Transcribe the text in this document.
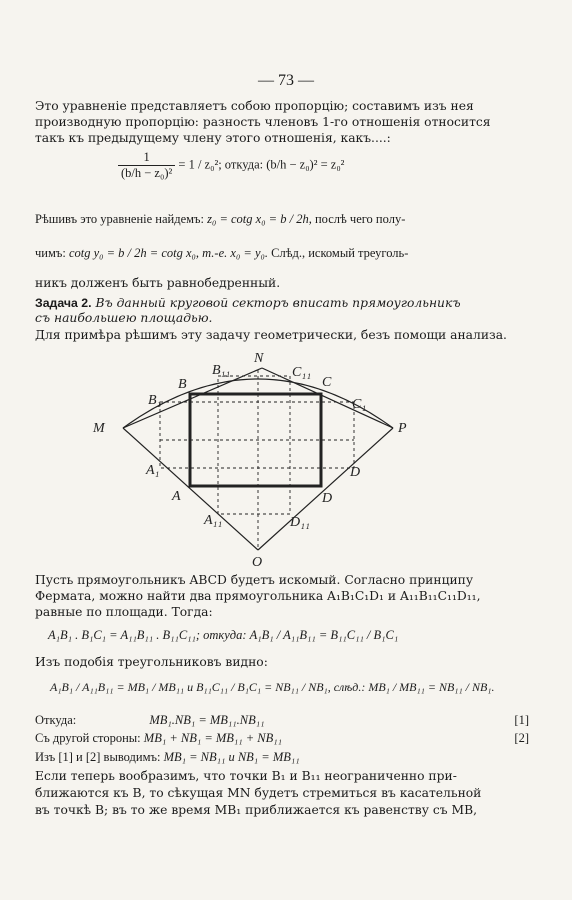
— 73 —
Это уравненіе представляетъ собою пропорцію; составимъ изъ нея
производную пропорцію: разность членовъ 1-го отношенія относится
такъ къ предыдущему члену этого отношенія, какъ....:
$\frac{1}{\text{(b/h − z₀)²}} = 1 / z_0^2$; откуда: (b/h − z₀)² = z₀²
Рѣшивъ это уравненіе найдемъ: z₀ = cotg x₀ = b / 2h, послѣ чего полу-
чимъ: cotg y₀ = b / 2h = cotg x₀, т.-е. x₀ = y₀. Слѣд., искомый треуголь-
никъ долженъ быть равнобедренный.
Задача 2. Въ данный круговой секторъ вписать прямоугольникъ
съ наибольшею площадью.
Для примѣра рѣшимъ эту задачу геометрически, безъ помощи анализа.
N
B
B₁₁	C₁₁
C
B₁	C₁
M	P
A₁
A
D
D
A₁₁	D₁₁
O
Пусть прямоугольникъ ABCD будетъ искомый. Согласно принципу
Фермата, можно найти два прямоугольника A₁B₁C₁D₁ и A₁₁B₁₁C₁₁D₁₁,
равные по площади. Тогда:
A₁B₁ . B₁C₁ = A₁₁B₁₁ . B₁₁C₁₁; откуда: A₁B₁ / A₁₁B₁₁ = B₁₁C₁₁ / B₁C₁
Изъ подобія треугольниковъ видно:
A₁B₁ / A₁₁B₁₁ = MB₁ / MB₁₁ и B₁₁C₁₁ / B₁C₁ = NB₁₁ / NB₁, слѣд.: MB₁ / MB₁₁ = NB₁₁ / NB₁.
Откуда:	MB₁.NB₁ = MB₁₁.NB₁₁	[1]
Съ другой стороны: MB₁ + NB₁ = MB₁₁ + NB₁₁	[2]
Изъ [1] и [2] выводимъ: MB₁ = NB₁₁ и NB₁ = MB₁₁
Если теперь вообразимъ, что точки B₁ и B₁₁ неограниченно при-
ближаются къ B, то сѣкущая MN будетъ стремиться въ касательной
въ точкѣ B; въ то же время MB₁ приближается къ равенству съ MB,
